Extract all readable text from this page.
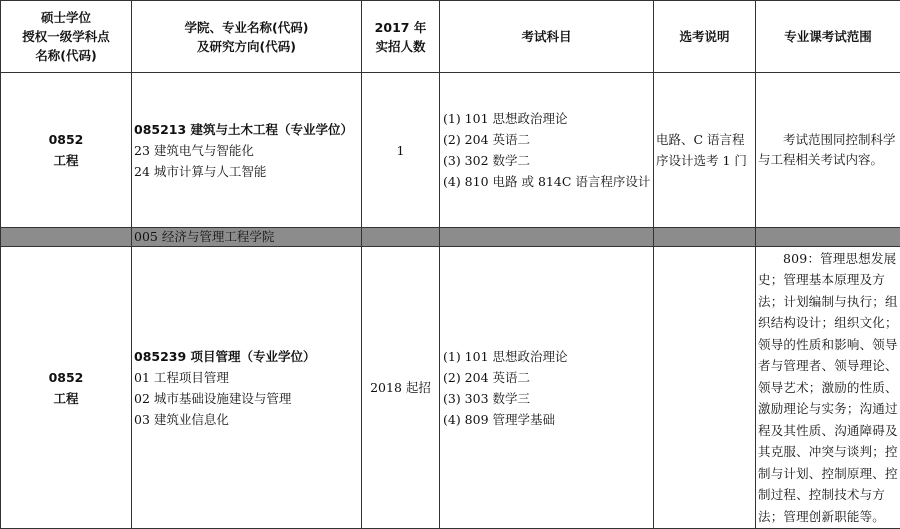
硕士学位
授权一级学科点
名称(代码)	学院、专业名称(代码)
及研究方向(代码)	2017 年
实招人数	考试科目	选考说明	专业课考试范围

0852
工程	085213 建筑与土木工程（专业学位）
23 建筑电气与智能化
24 城市计算与人工智能	1	(1) 101 思想政治理论
(2) 204 英语二
(3) 302 数学二
(4) 810 电路 或 814C 语言程序设计	电路、C 语言程序设计选考 1 门	考试范围同控制科学与工程相关考试内容。
	005 经济与管理工程学院				

0852
工程	085239 项目管理（专业学位）
01 工程项目管理
02 城市基础设施建设与管理
03 建筑业信息化	2018 起招	(1) 101 思想政治理论
(2) 204 英语二
(3) 303 数学三
(4) 809 管理学基础		809：管理思想发展史；管理基本原理及方法；计划编制与执行；组织结构设计；组织文化；领导的性质和影响、领导者与管理者、领导理论、领导艺术；激励的性质、激励理论与实务；沟通过程及其性质、沟通障碍及其克服、冲突与谈判；控制与计划、控制原理、控制过程、控制技术与方法；管理创新职能等。
